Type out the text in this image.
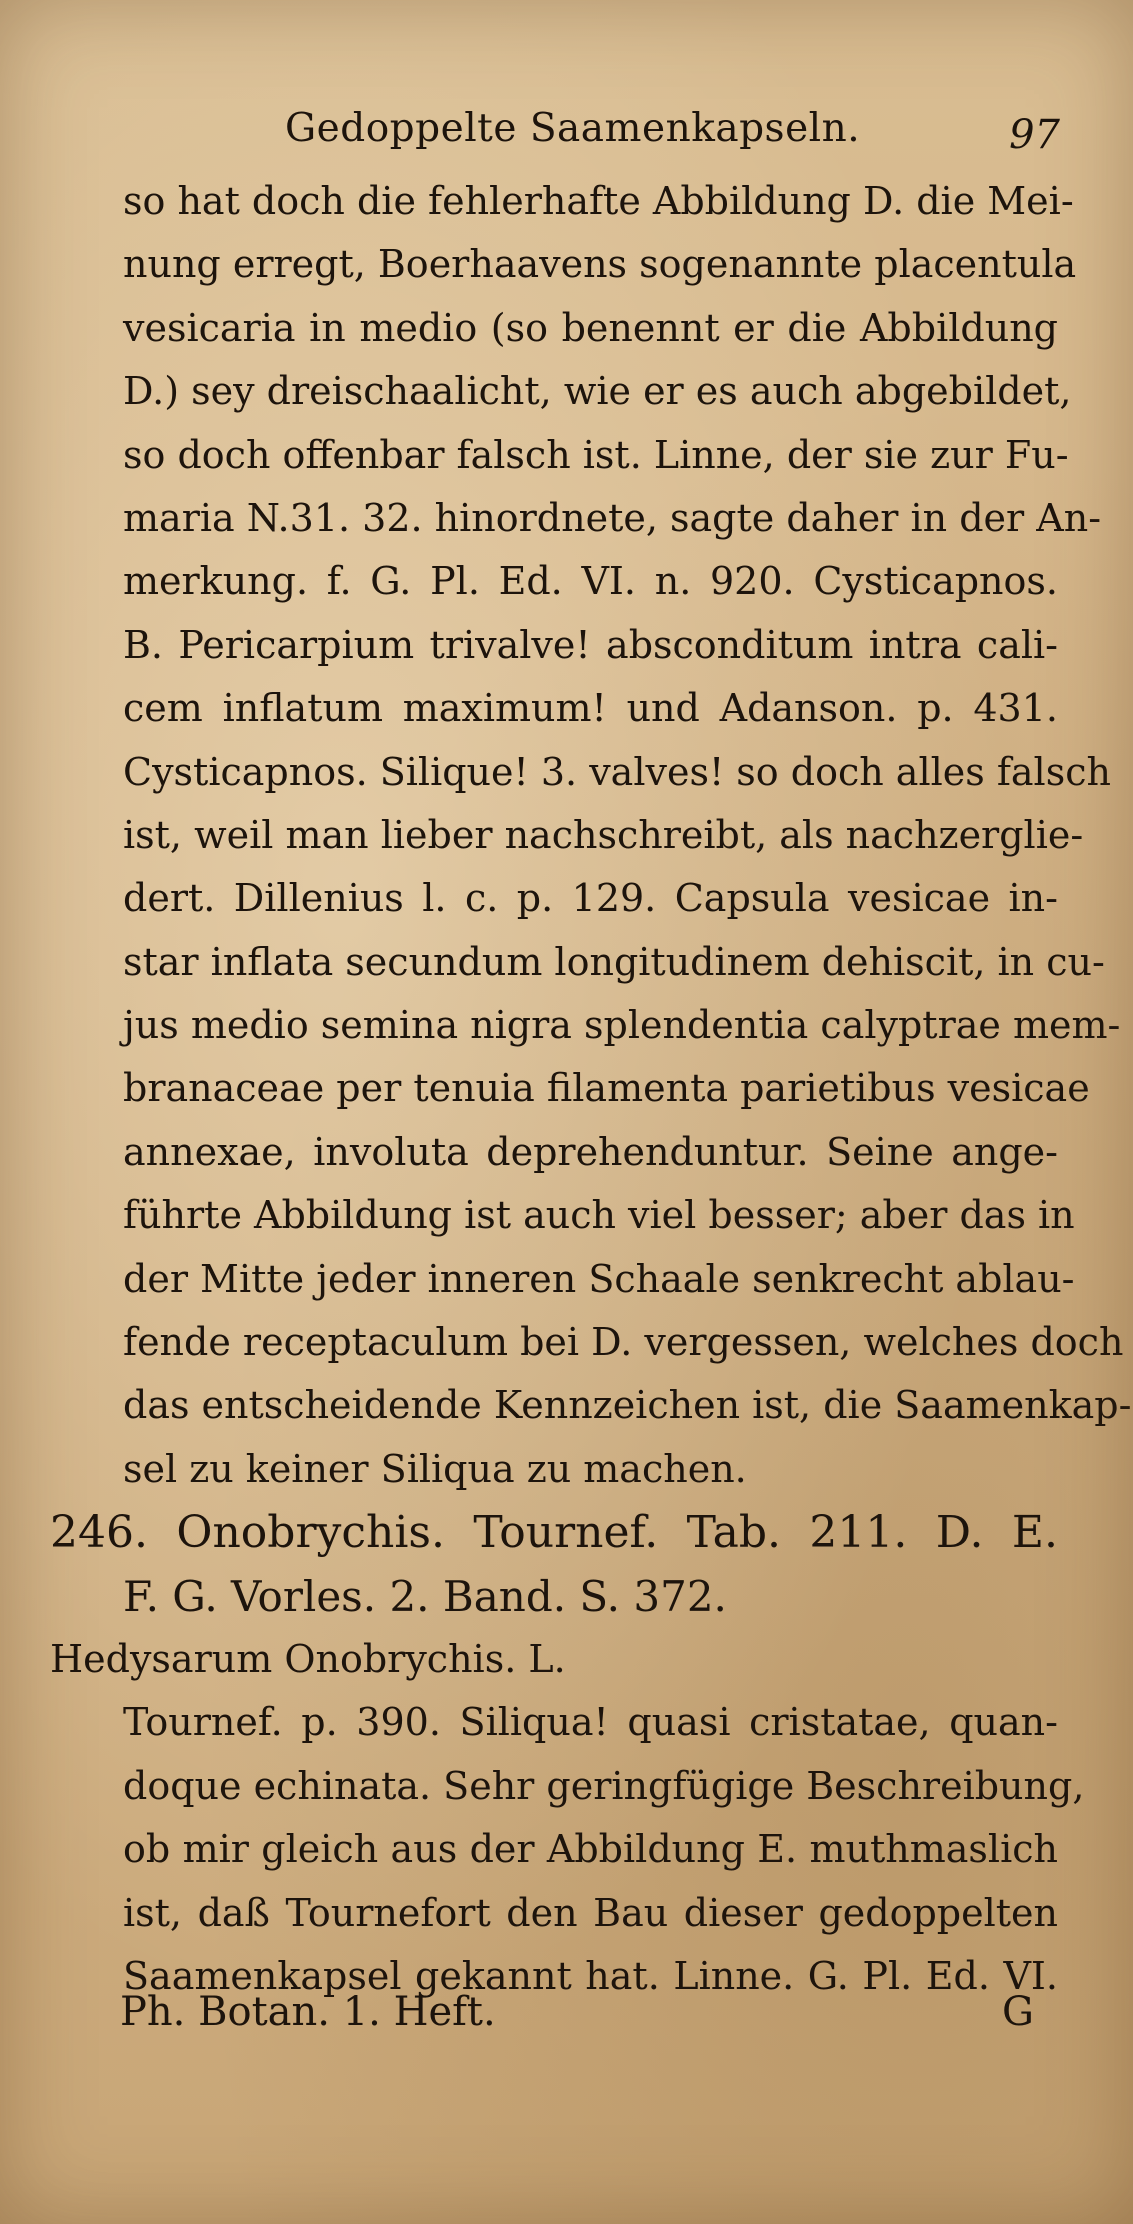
Gedoppelte Saamenkapseln.	97
so hat doch die fehlerhafte Abbildung D. die Mei-
nung erregt, Boerhaavens sogenannte placentula
vesicaria in medio (so benennt er die Abbildung
D.) sey dreischaalicht, wie er es auch abgebildet,
so doch offenbar falsch ist. Linne, der sie zur Fu-
maria N.31. 32. hinordnete, sagte daher in der An-
merkung. f. G. Pl. Ed. VI. n. 920. Cysticapnos.
B. Pericarpium trivalve! absconditum intra cali-
cem inflatum maximum! und Adanson. p. 431.
Cysticapnos. Silique! 3. valves! so doch alles falsch
ist, weil man lieber nachschreibt, als nachzerglie-
dert. Dillenius l. c. p. 129. Capsula vesicae in-
star inflata secundum longitudinem dehiscit, in cu-
jus medio semina nigra splendentia calyptrae mem-
branaceae per tenuia filamenta parietibus vesicae
annexae, involuta deprehenduntur. Seine ange-
führte Abbildung ist auch viel besser; aber das in
der Mitte jeder inneren Schaale senkrecht ablau-
fende receptaculum bei D. vergessen, welches doch
das entscheidende Kennzeichen ist, die Saamenkap-
sel zu keiner Siliqua zu machen.
246. Onobrychis. Tournef. Tab. 211. D. E.
F. G. Vorles. 2. Band. S. 372.
Hedysarum Onobrychis. L.
Tournef. p. 390. Siliqua! quasi cristatae, quan-
doque echinata. Sehr geringfügige Beschreibung,
ob mir gleich aus der Abbildung E. muthmaslich
ist, daß Tournefort den Bau dieser gedoppelten
Saamenkapsel gekannt hat. Linne. G. Pl. Ed. VI.
Ph. Botan. 1. Heft.	G
